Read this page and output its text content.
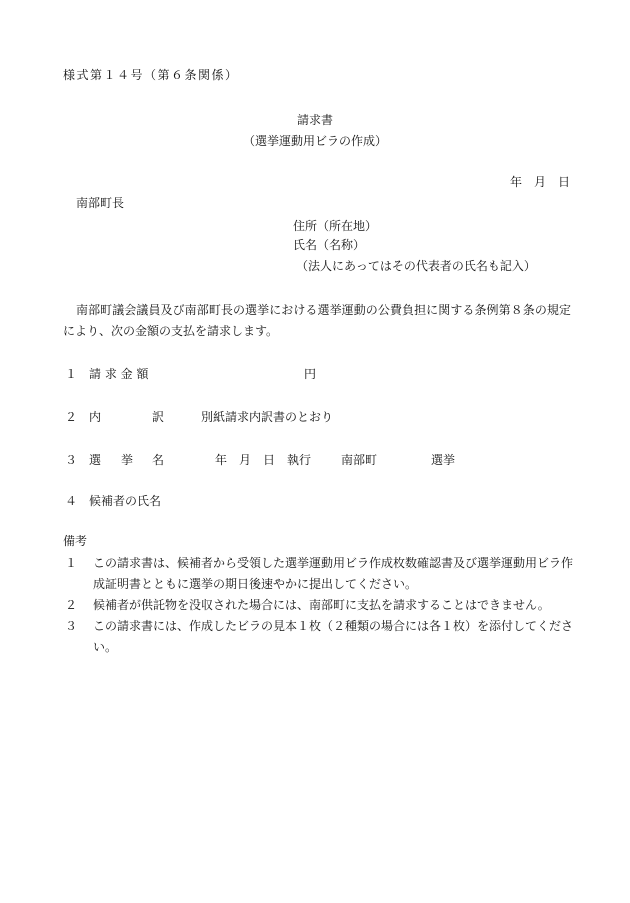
様式第１４号（第６条関係）
請求書
（選挙運動用ビラの作成）
年　月　日
南部町長
住所（所在地）
氏名（名称）
（法人にあってはその代表者の氏名も記入）
南部町議会議員及び南部町長の選挙における選挙運動の公費負担に関する条例第８条の規定により、次の金額の支払を請求します。
１ 請 求 金 額	円
２ 内	訳	別紙請求内訳書のとおり
３ 選 挙 名	年　月　日　執行 南部町	選挙
４ 候補者の氏名
備考
１ この請求書は、候補者から受領した選挙運動用ビラ作成枚数確認書及び選挙運動用ビラ作成証明書とともに選挙の期日後速やかに提出してください。
２ 候補者が供託物を没収された場合には、南部町に支払を請求することはできません。
３ この請求書には、作成したビラの見本１枚（２種類の場合には各１枚）を添付してください。
